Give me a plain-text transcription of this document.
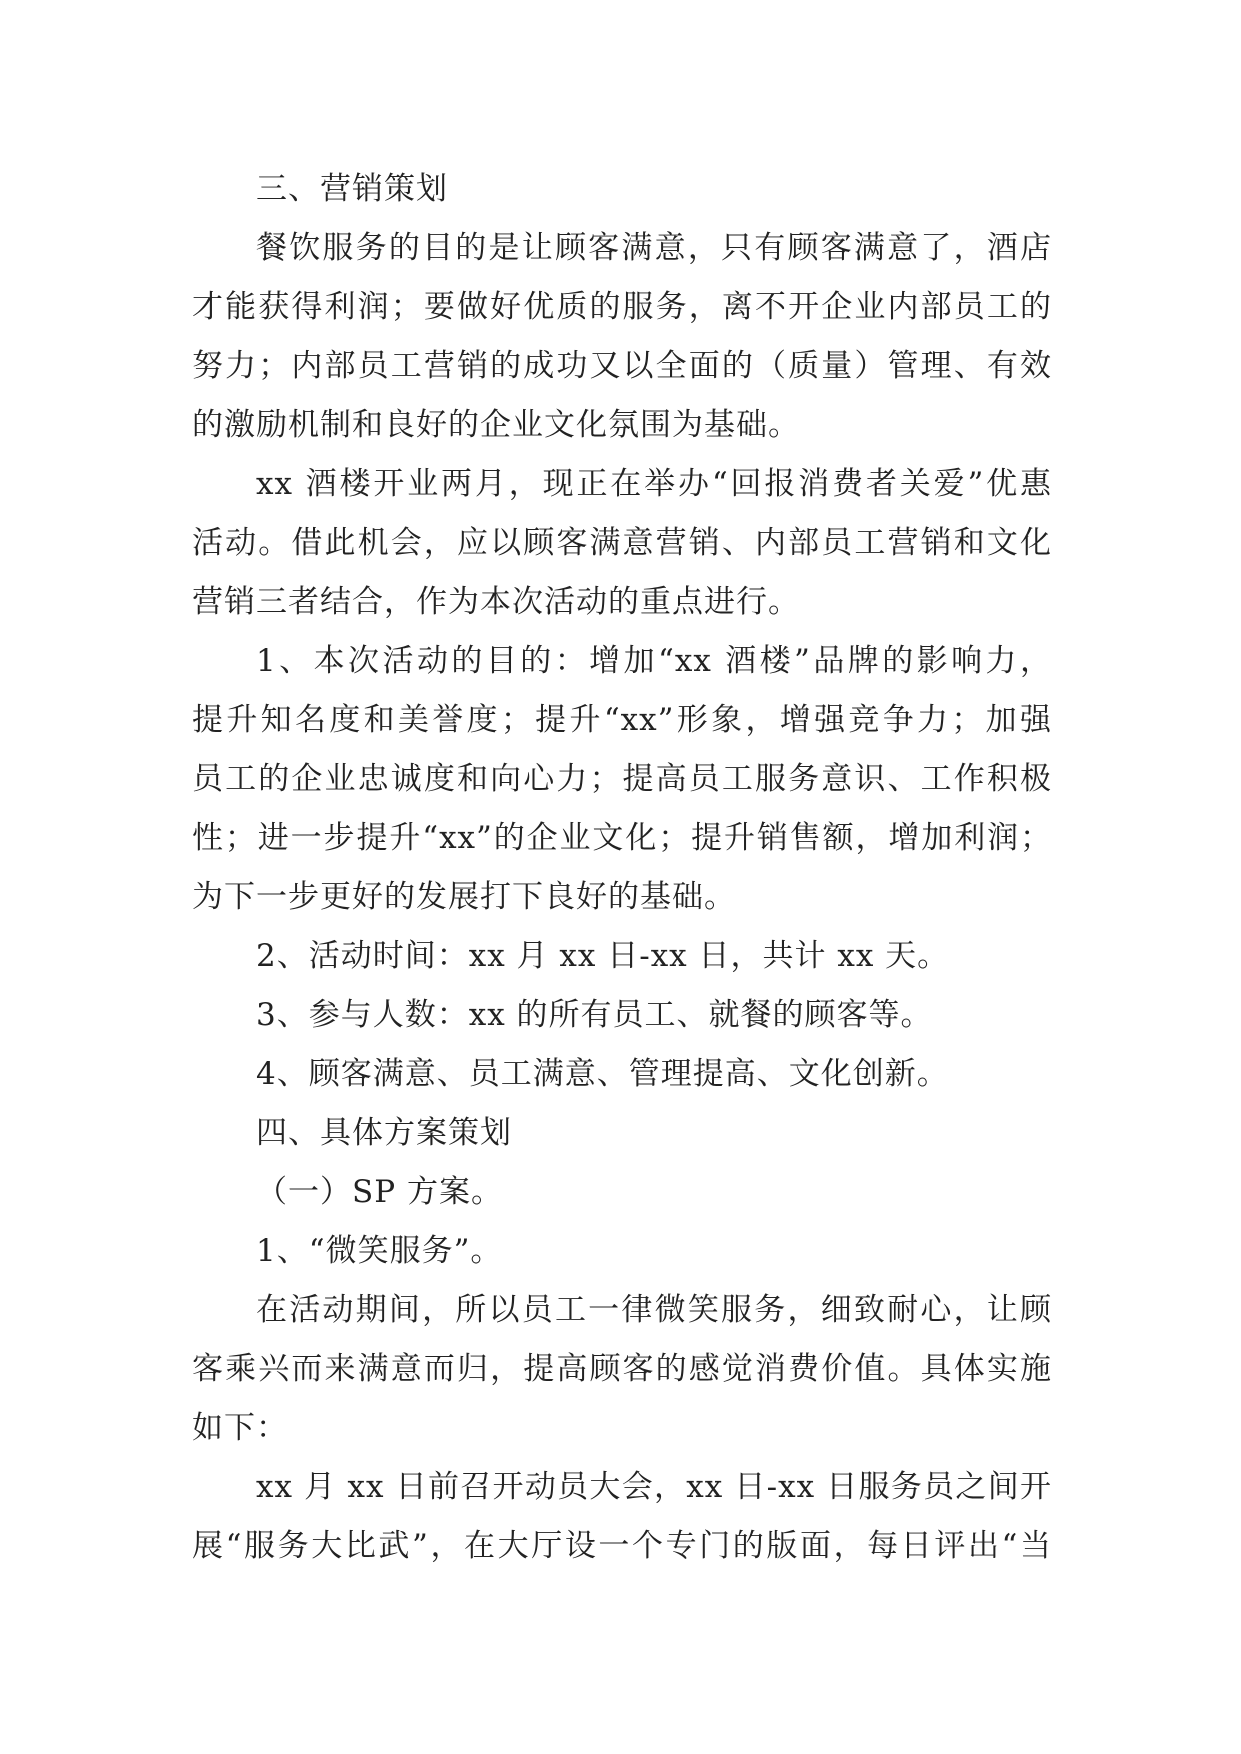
三、营销策划
餐饮服务的目的是让顾客满意，只有顾客满意了，酒店
才能获得利润；要做好优质的服务，离不开企业内部员工的
努力；内部员工营销的成功又以全面的（质量）管理、有效
的激励机制和良好的企业文化氛围为基础。
xx 酒楼开业两月，现正在举办“回报消费者关爱”优惠
活动。借此机会，应以顾客满意营销、内部员工营销和文化
营销三者结合，作为本次活动的重点进行。
1、本次活动的目的：增加“xx 酒楼”品牌的影响力，
提升知名度和美誉度；提升“xx”形象，增强竞争力；加强
员工的企业忠诚度和向心力；提高员工服务意识、工作积极
性；进一步提升“xx”的企业文化；提升销售额，增加利润；
为下一步更好的发展打下良好的基础。
2、活动时间：xx 月 xx 日-xx 日，共计 xx 天。
3、参与人数：xx 的所有员工、就餐的顾客等。
4、顾客满意、员工满意、管理提高、文化创新。
四、具体方案策划
（一）SP 方案。
1、“微笑服务”。
在活动期间，所以员工一律微笑服务，细致耐心，让顾
客乘兴而来满意而归，提高顾客的感觉消费价值。具体实施
如下：
xx 月 xx 日前召开动员大会，xx 日-xx 日服务员之间开
展“服务大比武”，在大厅设一个专门的版面，每日评出“当
